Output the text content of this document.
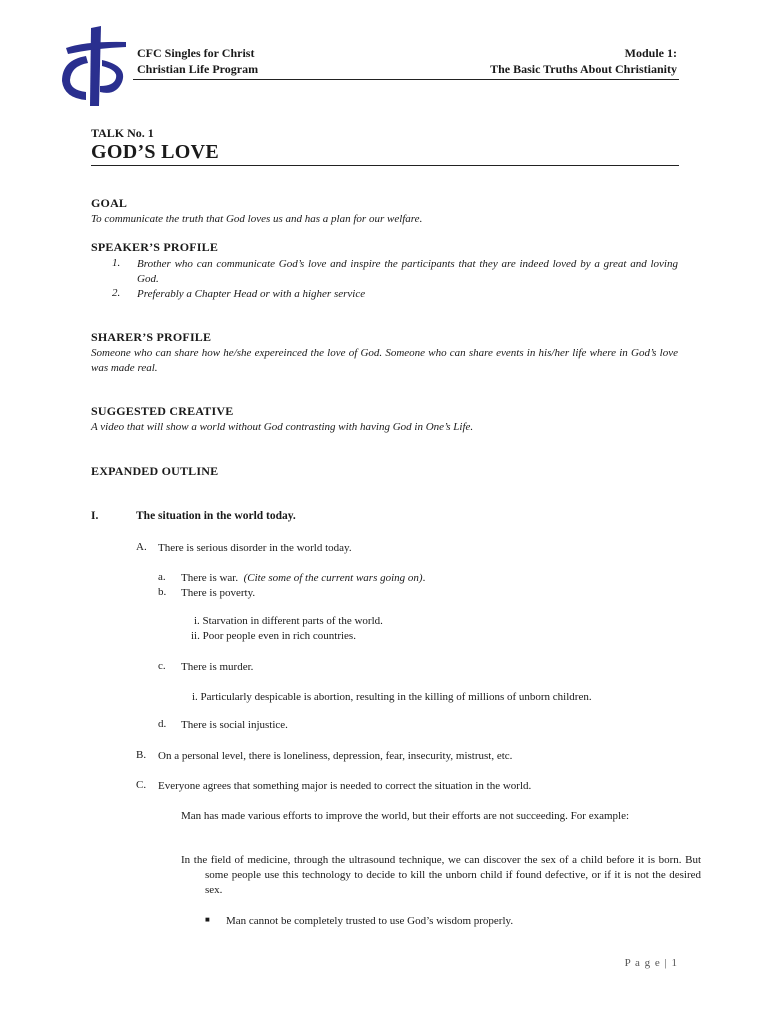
CFC Singles for Christ
Christian Life Program
Module 1:
The Basic Truths About Christianity
TALK No. 1
GOD’S LOVE
GOAL
To communicate the truth that God loves us and has a plan for our welfare.
SPEAKER’S PROFILE
1. Brother who can communicate God’s love and inspire the participants that they are indeed loved by a great and loving God.
2. Preferably a Chapter Head or with a higher service
SHARER’S PROFILE
Someone who can share how he/she expereinced the love of God. Someone who can share events in his/her life where in God’s love was made real.
SUGGESTED CREATIVE
A video that will show a world without God contrasting with having God in One’s Life.
EXPANDED OUTLINE
I.	The situation in the world today.
A. There is serious disorder in the world today.
a. There is war. (Cite some of the current wars going on).
b. There is poverty.
i. Starvation in different parts of the world.
ii. Poor people even in rich countries.
c. There is murder.
i. Particularly despicable is abortion, resulting in the killing of millions of unborn children.
d. There is social injustice.
B. On a personal level, there is loneliness, depression, fear, insecurity, mistrust, etc.
C. Everyone agrees that something major is needed to correct the situation in the world.
Man has made various efforts to improve the world, but their efforts are not succeeding. For example:
In the field of medicine, through the ultrasound technique, we can discover the sex of a child before it is born. But some people use this technology to decide to kill the unborn child if found defective, or if it is not the desired sex.
■ Man cannot be completely trusted to use God’s wisdom properly.
P a g e | 1
